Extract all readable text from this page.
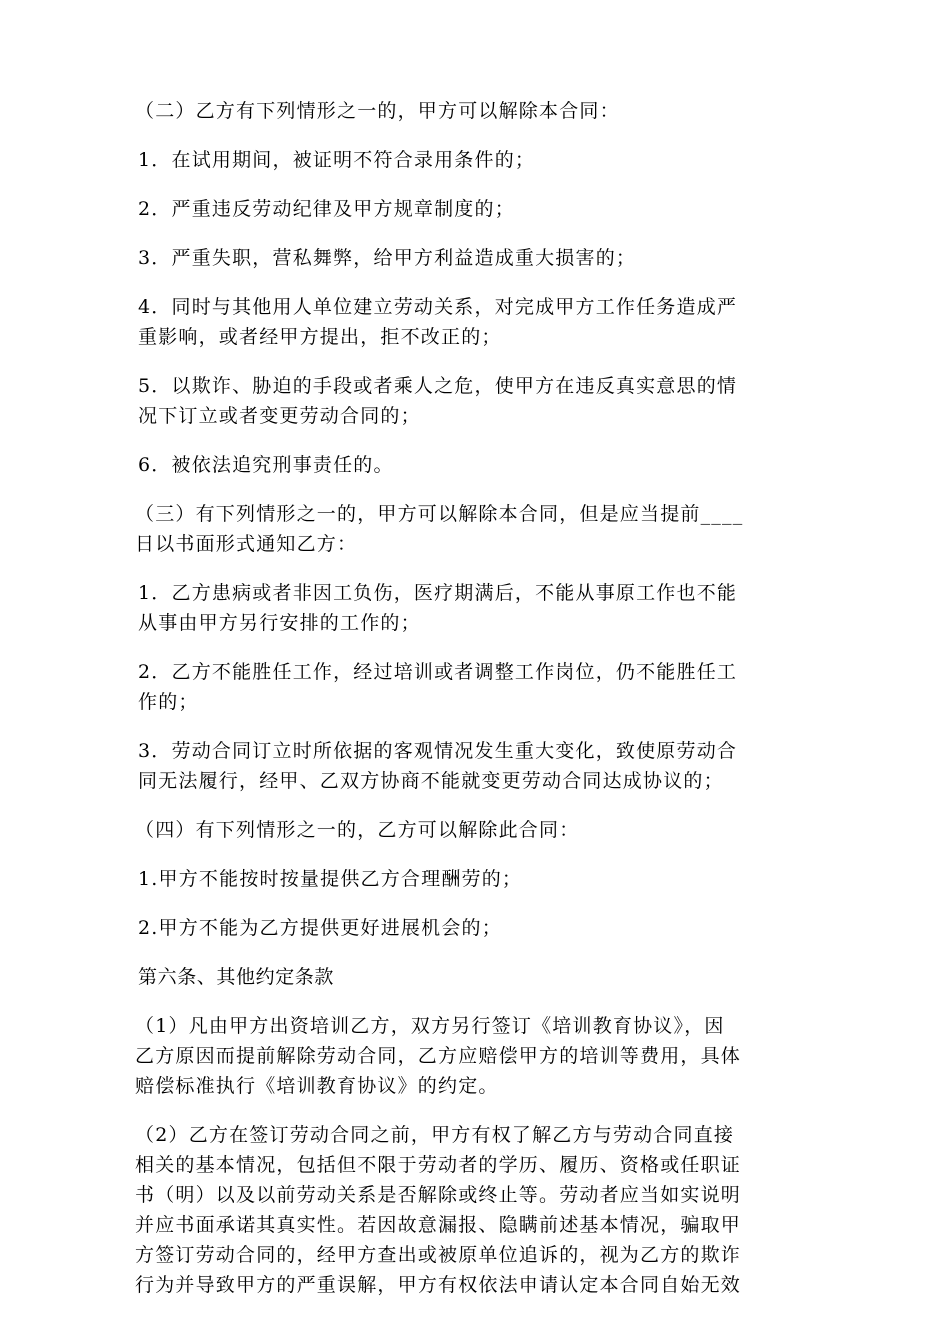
（二）乙方有下列情形之一的，甲方可以解除本合同：

1．在试用期间，被证明不符合录用条件的；

2．严重违反劳动纪律及甲方规章制度的；

3．严重失职，营私舞弊，给甲方利益造成重大损害的；

4．同时与其他用人单位建立劳动关系，对完成甲方工作任务造成严
重影响，或者经甲方提出，拒不改正的；

5．以欺诈、胁迫的手段或者乘人之危，使甲方在违反真实意思的情
况下订立或者变更劳动合同的；

6．被依法追究刑事责任的。

（三）有下列情形之一的，甲方可以解除本合同，但是应当提前____
日以书面形式通知乙方：

1．乙方患病或者非因工负伤，医疗期满后，不能从事原工作也不能
从事由甲方另行安排的工作的；

2．乙方不能胜任工作，经过培训或者调整工作岗位，仍不能胜任工
作的；

3．劳动合同订立时所依据的客观情况发生重大变化，致使原劳动合
同无法履行，经甲、乙双方协商不能就变更劳动合同达成协议的；

（四）有下列情形之一的，乙方可以解除此合同：

1.甲方不能按时按量提供乙方合理酬劳的；

2.甲方不能为乙方提供更好进展机会的；

第六条、其他约定条款

（1）凡由甲方出资培训乙方，双方另行签订《培训教育协议》，因
乙方原因而提前解除劳动合同，乙方应赔偿甲方的培训等费用，具体
赔偿标准执行《培训教育协议》的约定。

（2）乙方在签订劳动合同之前，甲方有权了解乙方与劳动合同直接
相关的基本情况，包括但不限于劳动者的学历、履历、资格或任职证
书（明）以及以前劳动关系是否解除或终止等。劳动者应当如实说明
并应书面承诺其真实性。若因故意漏报、隐瞒前述基本情况，骗取甲
方签订劳动合同的，经甲方查出或被原单位追诉的，视为乙方的欺诈
行为并导致甲方的严重误解，甲方有权依法申请认定本合同自始无效
